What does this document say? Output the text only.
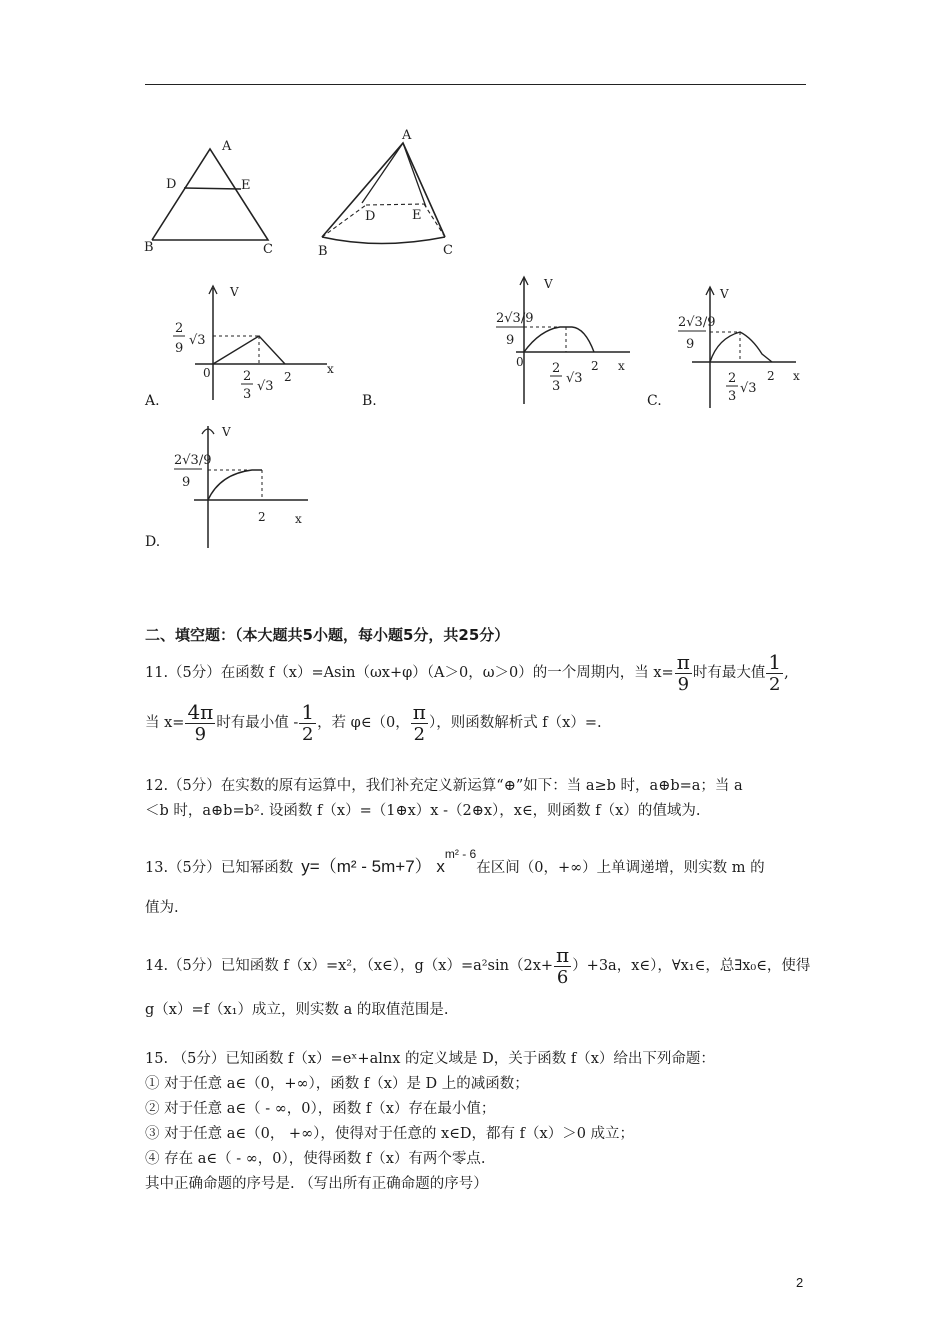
A
D	E
B	C
A
D	E
B	C
V
x
0
2
9
√3
2
3
√3
2
V
x
0
2√3/9
9
2
3
√3
2
V
x
2√3/9
9
2
3
√3
2
V
x
2√3/9
9
2
A.	B.	C.
D.
二、填空题：（本大题共5小题，每小题5分，共25分）
11.（5分）在函数 f（x）=Asin（ωx+φ）（A＞0，ω＞0）的一个周期内，当 $x= \frac{\pi}{9}$ 时有最大值 $\frac{1}{2}$ ,
当 $x= \frac{4\pi}{9}$ 时有最小值 - $\frac{1}{2}$ ，若 φ∈（0， $\frac{\pi}{2}$ ），则函数解析式 f（x）=.
12.（5分）在实数的原有运算中，我们补充定义新运算“⊕”如下：当 a≥b 时，a⊕b=a；当 a
＜b 时，a⊕b=b². 设函数 f（x）=（1⊕x）x -（2⊕x），x∈，则函数 f（x）的值域为.
13.（5分）已知幂函数 y=（m² - 5m+7） $x^{m^2 - 6}$在区间（0，+∞）上单调递增，则实数 m 的
值为.
14.（5分）已知函数 f（x）=x²，（x∈），$g(x)=a^2\sin(2x+ \frac{\pi}{6} )+3a$，x∈），∀x₁∈，总∃x₀∈，使得
g（x）=f（x₁）成立，则实数 a 的取值范围是.
15. （5分）已知函数 f（x）=eˣ+alnx 的定义域是 D，关于函数 f（x）给出下列命题：
① 对于任意 a∈（0，+∞），函数 f（x）是 D 上的减函数；
② 对于任意 a∈（ - ∞，0），函数 f（x）存在最小值；
③ 对于任意 a∈（0， +∞），使得对于任意的 x∈D，都有 f（x）＞0 成立；
④ 存在 a∈（ - ∞，0），使得函数 f（x）有两个零点.
其中正确命题的序号是. （写出所有正确命题的序号）
2
